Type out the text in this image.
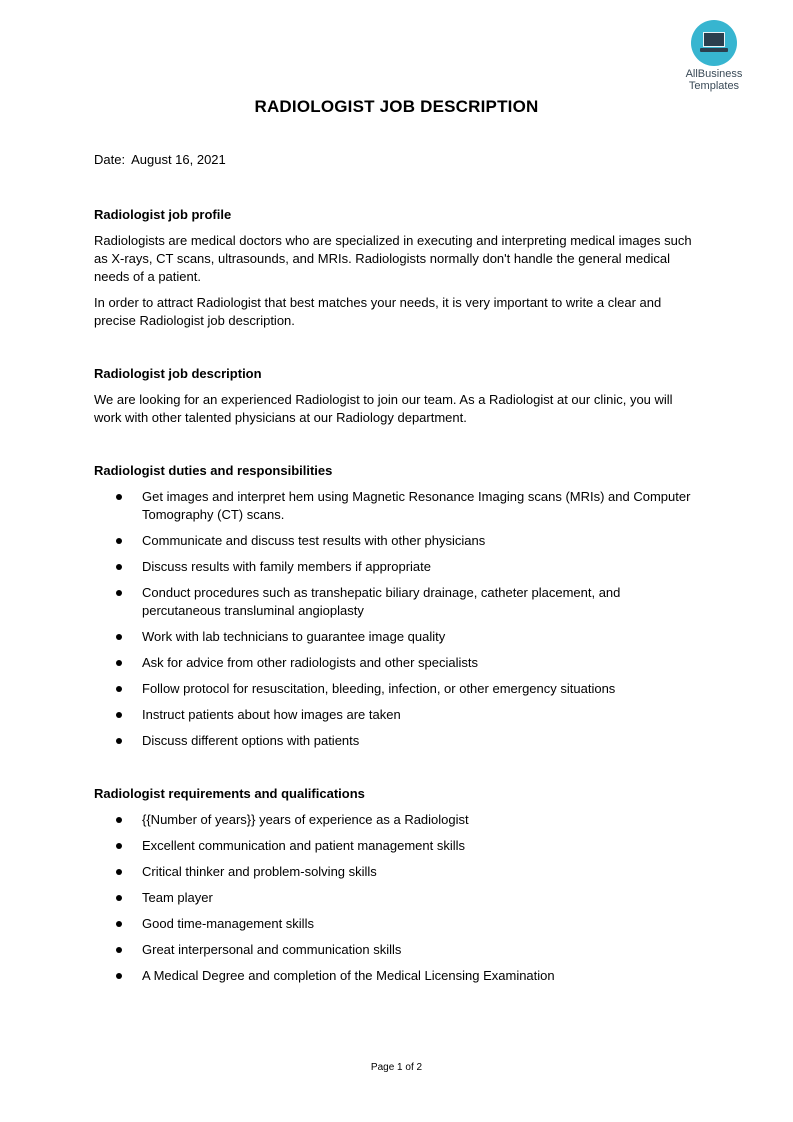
AllBusiness
Templates
RADIOLOGIST JOB DESCRIPTION

Date: August 16, 2021

Radiologist job profile

Radiologists are medical doctors who are specialized in executing and interpreting medical images such as X-rays, CT scans, ultrasounds, and MRIs. Radiologists normally don't handle the general medical needs of a patient.

In order to attract Radiologist that best matches your needs, it is very important to write a clear and precise Radiologist job description.

Radiologist job description

We are looking for an experienced Radiologist to join our team. As a Radiologist at our clinic, you will work with other talented physicians at our Radiology department.

Radiologist duties and responsibilities

Get images and interpret hem using Magnetic Resonance Imaging scans (MRIs) and Computer Tomography (CT) scans.
Communicate and discuss test results with other physicians
Discuss results with family members if appropriate
Conduct procedures such as transhepatic biliary drainage, catheter placement, and percutaneous transluminal angioplasty
Work with lab technicians to guarantee image quality
Ask for advice from other radiologists and other specialists
Follow protocol for resuscitation, bleeding, infection, or other emergency situations
Instruct patients about how images are taken
Discuss different options with patients

Radiologist requirements and qualifications

{{Number of years}} years of experience as a Radiologist
Excellent communication and patient management skills
Critical thinker and problem-solving skills
Team player
Good time-management skills
Great interpersonal and communication skills
A Medical Degree and completion of the Medical Licensing Examination
Page 1 of 2
